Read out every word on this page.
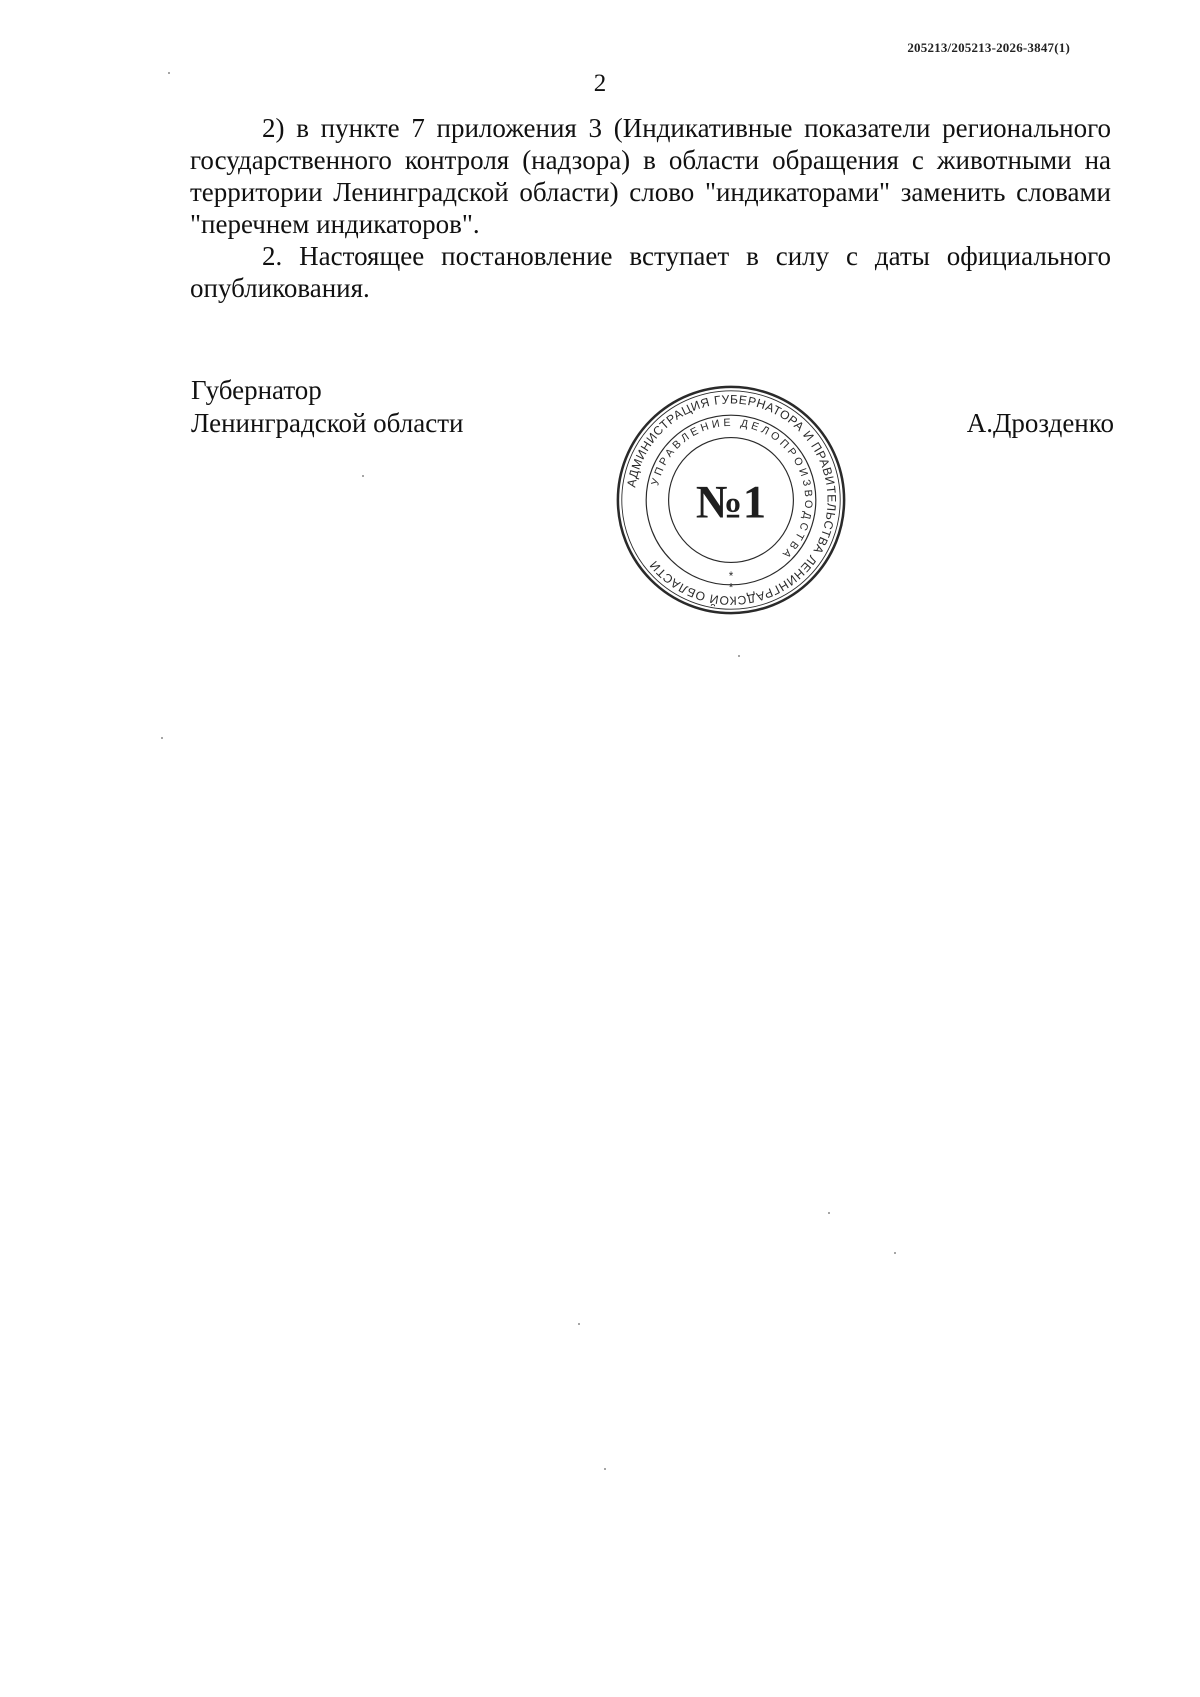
205213/205213-2026-3847(1)
2

2) в пункте 7 приложения 3 (Индикативные показатели регионального государственного контроля (надзора) в области обращения с животными на территории Ленинградской области) слово "индикаторами" заменить словами "перечнем индикаторов".

2. Настоящее постановление вступает в силу с даты официального опубликования.

Губернатор
Ленинградской области	А.Дрозденко
АДМИНИСТРАЦИЯ ГУБЕРНАТОРА И ПРАВИТЕЛЬСТВА ЛЕНИНГРАДСКОЙ ОБЛАСТИ
УПРАВЛЕНИЕ ДЕЛОПРОИЗВОДСТВА
№1
*
*
